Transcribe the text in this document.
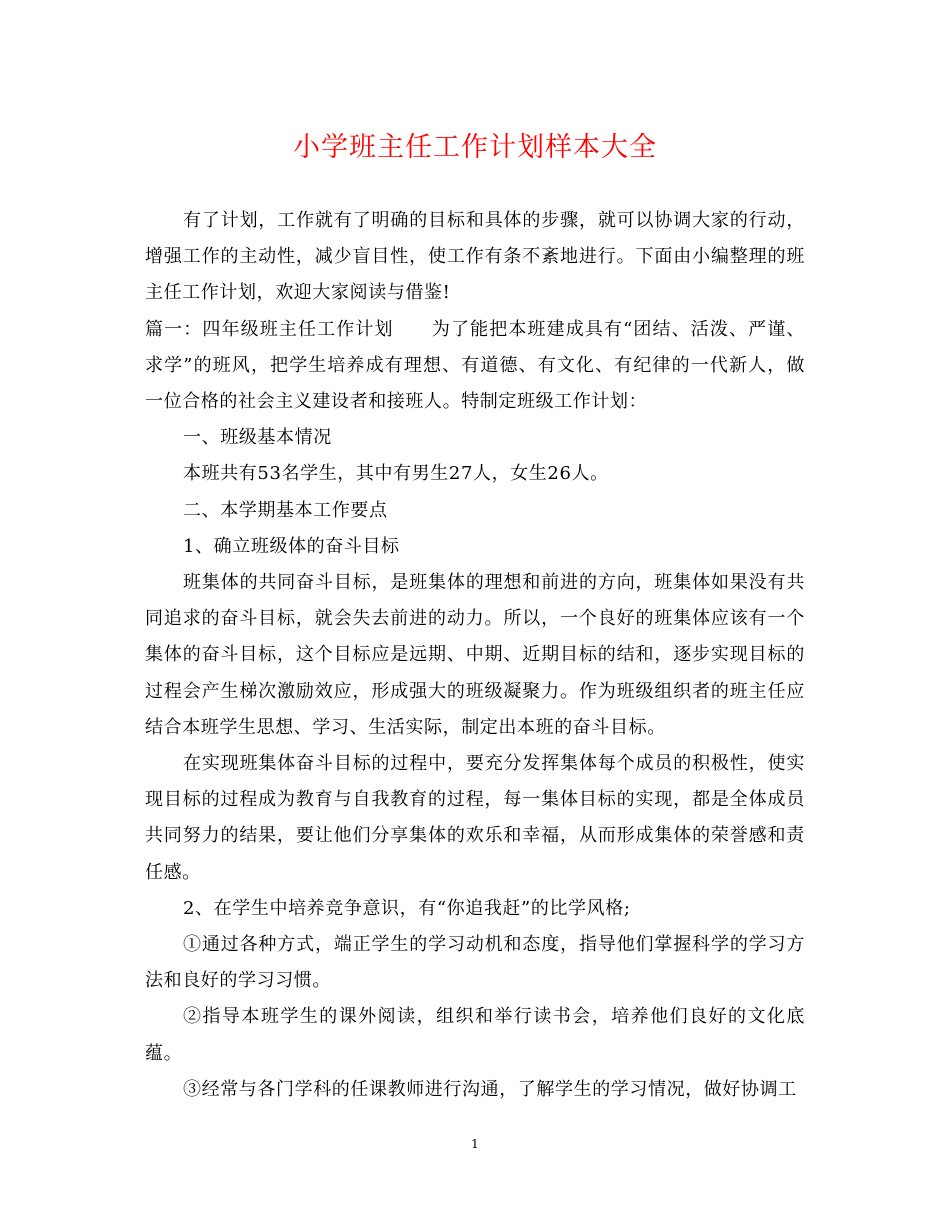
小学班主任工作计划样本大全

有了计划，工作就有了明确的目标和具体的步骤，就可以协调大家的行动，增强工作的主动性，减少盲目性，使工作有条不紊地进行。下面由小编整理的班主任工作计划，欢迎大家阅读与借鉴!

篇一：四年级班主任工作计划　　为了能把本班建成具有“团结、活泼、严谨、求学”的班风，把学生培养成有理想、有道德、有文化、有纪律的一代新人，做一位合格的社会主义建设者和接班人。特制定班级工作计划：

一、班级基本情况

本班共有53名学生，其中有男生27人，女生26人。

二、本学期基本工作要点

1、确立班级体的奋斗目标

班集体的共同奋斗目标，是班集体的理想和前进的方向，班集体如果没有共同追求的奋斗目标，就会失去前进的动力。所以，一个良好的班集体应该有一个集体的奋斗目标，这个目标应是远期、中期、近期目标的结和，逐步实现目标的过程会产生梯次激励效应，形成强大的班级凝聚力。作为班级组织者的班主任应结合本班学生思想、学习、生活实际，制定出本班的奋斗目标。

在实现班集体奋斗目标的过程中，要充分发挥集体每个成员的积极性，使实现目标的过程成为教育与自我教育的过程，每一集体目标的实现，都是全体成员共同努力的结果，要让他们分享集体的欢乐和幸福，从而形成集体的荣誉感和责任感。

2、在学生中培养竞争意识，有“你追我赶”的比学风格;

①通过各种方式，端正学生的学习动机和态度，指导他们掌握科学的学习方法和良好的学习习惯。

②指导本班学生的课外阅读，组织和举行读书会，培养他们良好的文化底蕴。

③经常与各门学科的任课教师进行沟通，了解学生的学习情况，做好协调工

1
